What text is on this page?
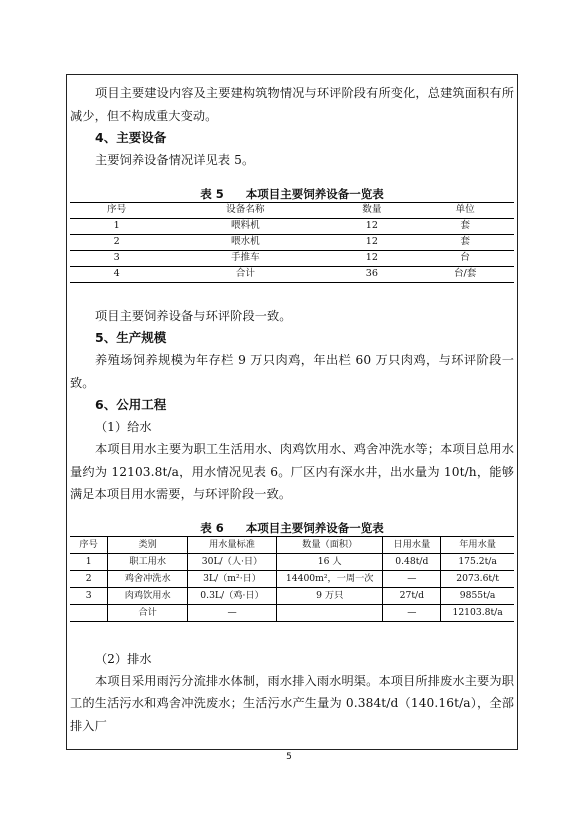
项目主要建设内容及主要建构筑物情况与环评阶段有所变化，总建筑面积有所减少，但不构成重大变动。

4、主要设备

主要饲养设备情况详见表 5。

表 5 本项目主要饲养设备一览表
序号	设备名称	数量	单位
1	喂料机	12	套
2	喂水机	12	套
3	手推车	12	台
4	合计	36	台/套

项目主要饲养设备与环评阶段一致。

5、生产规模

养殖场饲养规模为年存栏 9 万只肉鸡，年出栏 60 万只肉鸡，与环评阶段一致。

6、公用工程
（1）给水

本项目用水主要为职工生活用水、肉鸡饮用水、鸡舍冲洗水等；本项目总用水量约为 12103.8t/a，用水情况见表 6。厂区内有深水井，出水量为 10t/h，能够满足本项目用水需要，与环评阶段一致。

表 6 本项目主要饲养设备一览表
序号	类别	用水量标准	数量（面积）	日用水量	年用水量
1	职工用水	30L/（人·日）	16 人	0.48t/d	175.2t/a
2	鸡舍冲洗水	3L/（m²·日）	14400m²，一周一次	—	2073.6t/t
3	肉鸡饮用水	0.3L/（鸡·日）	9 万只	27t/d	9855t/a
	合计	—		—	12103.8t/a
（2）排水

本项目采用雨污分流排水体制，雨水排入雨水明渠。本项目所排废水主要为职工的生活污水和鸡舍冲洗废水；生活污水产生量为 0.384t/d（140.16t/a），全部排入厂

5
